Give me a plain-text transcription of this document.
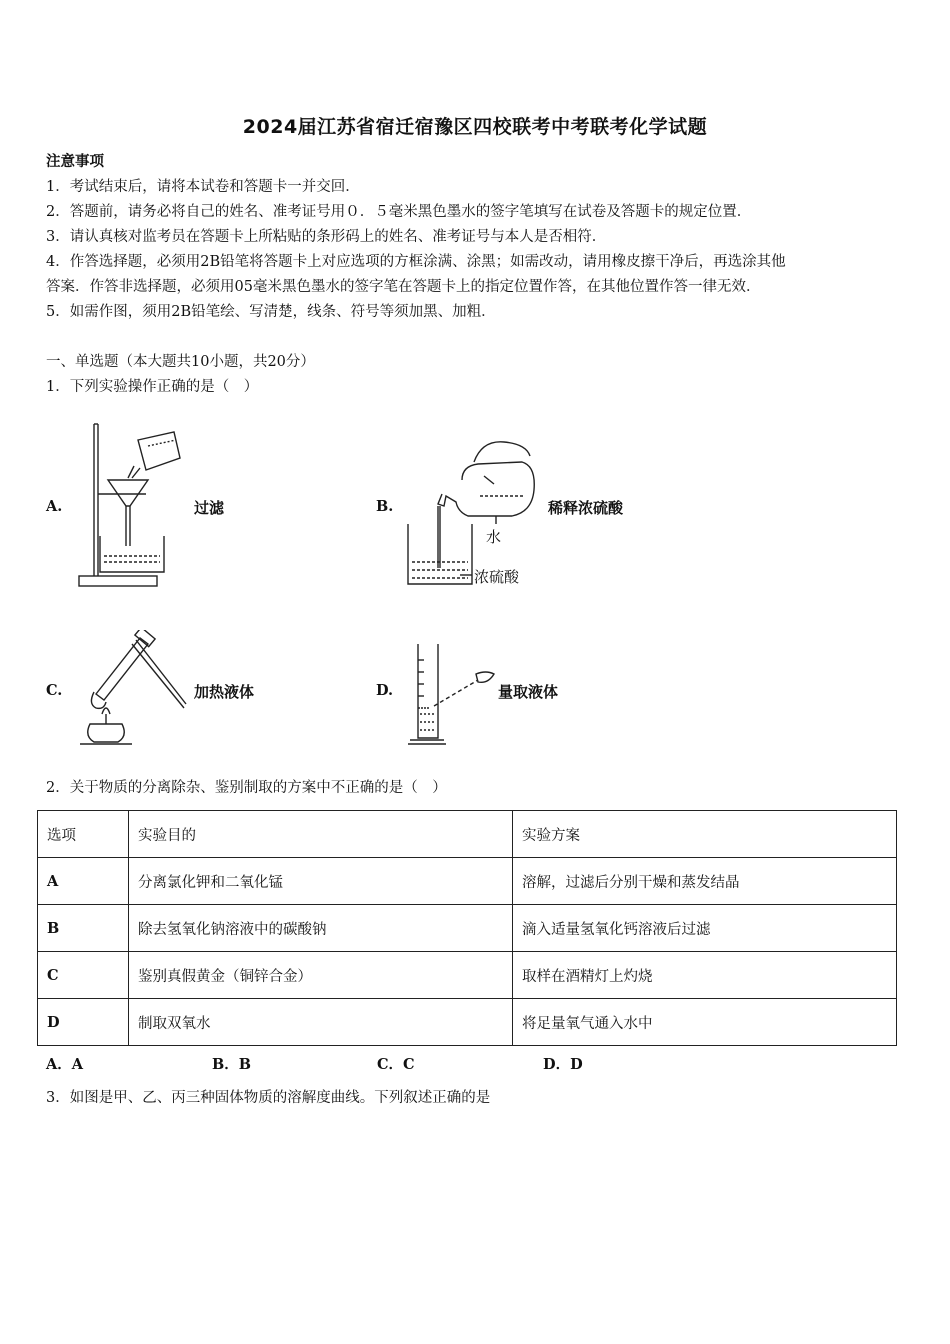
2024届江苏省宿迁宿豫区四校联考中考联考化学试题
注意事项
1．考试结束后，请将本试卷和答题卡一并交回．
2．答题前，请务必将自己的姓名、准考证号用０．５毫米黑色墨水的签字笔填写在试卷及答题卡的规定位置．
3．请认真核对监考员在答题卡上所粘贴的条形码上的姓名、准考证号与本人是否相符．
4．作答选择题，必须用2B铅笔将答题卡上对应选项的方框涂满、涂黑；如需改动，请用橡皮擦干净后，再选涂其他
答案．作答非选择题，必须用05毫米黑色墨水的签字笔在答题卡上的指定位置作答，在其他位置作答一律无效．
5．如需作图，须用2B铅笔绘、写清楚，线条、符号等须加黑、加粗．
一、单选题（本大题共10小题，共20分）
1．下列实验操作正确的是（　）
A.	过滤	B.
水
浓硫酸
稀释浓硫酸
C.	加热液体	D.	量取液体
2．关于物质的分离除杂、鉴别制取的方案中不正确的是（　）
选项	实验目的	实验方案
A	分离氯化钾和二氧化锰	溶解，过滤后分别干燥和蒸发结晶
B	除去氢氧化钠溶液中的碳酸钠	滴入适量氢氧化钙溶液后过滤
C	鉴别真假黄金（铜锌合金）	取样在酒精灯上灼烧
D	制取双氧水	将足量氧气通入水中
A．A	B．B	C．C	D．D
3．如图是甲、乙、丙三种固体物质的溶解度曲线。下列叙述正确的是
